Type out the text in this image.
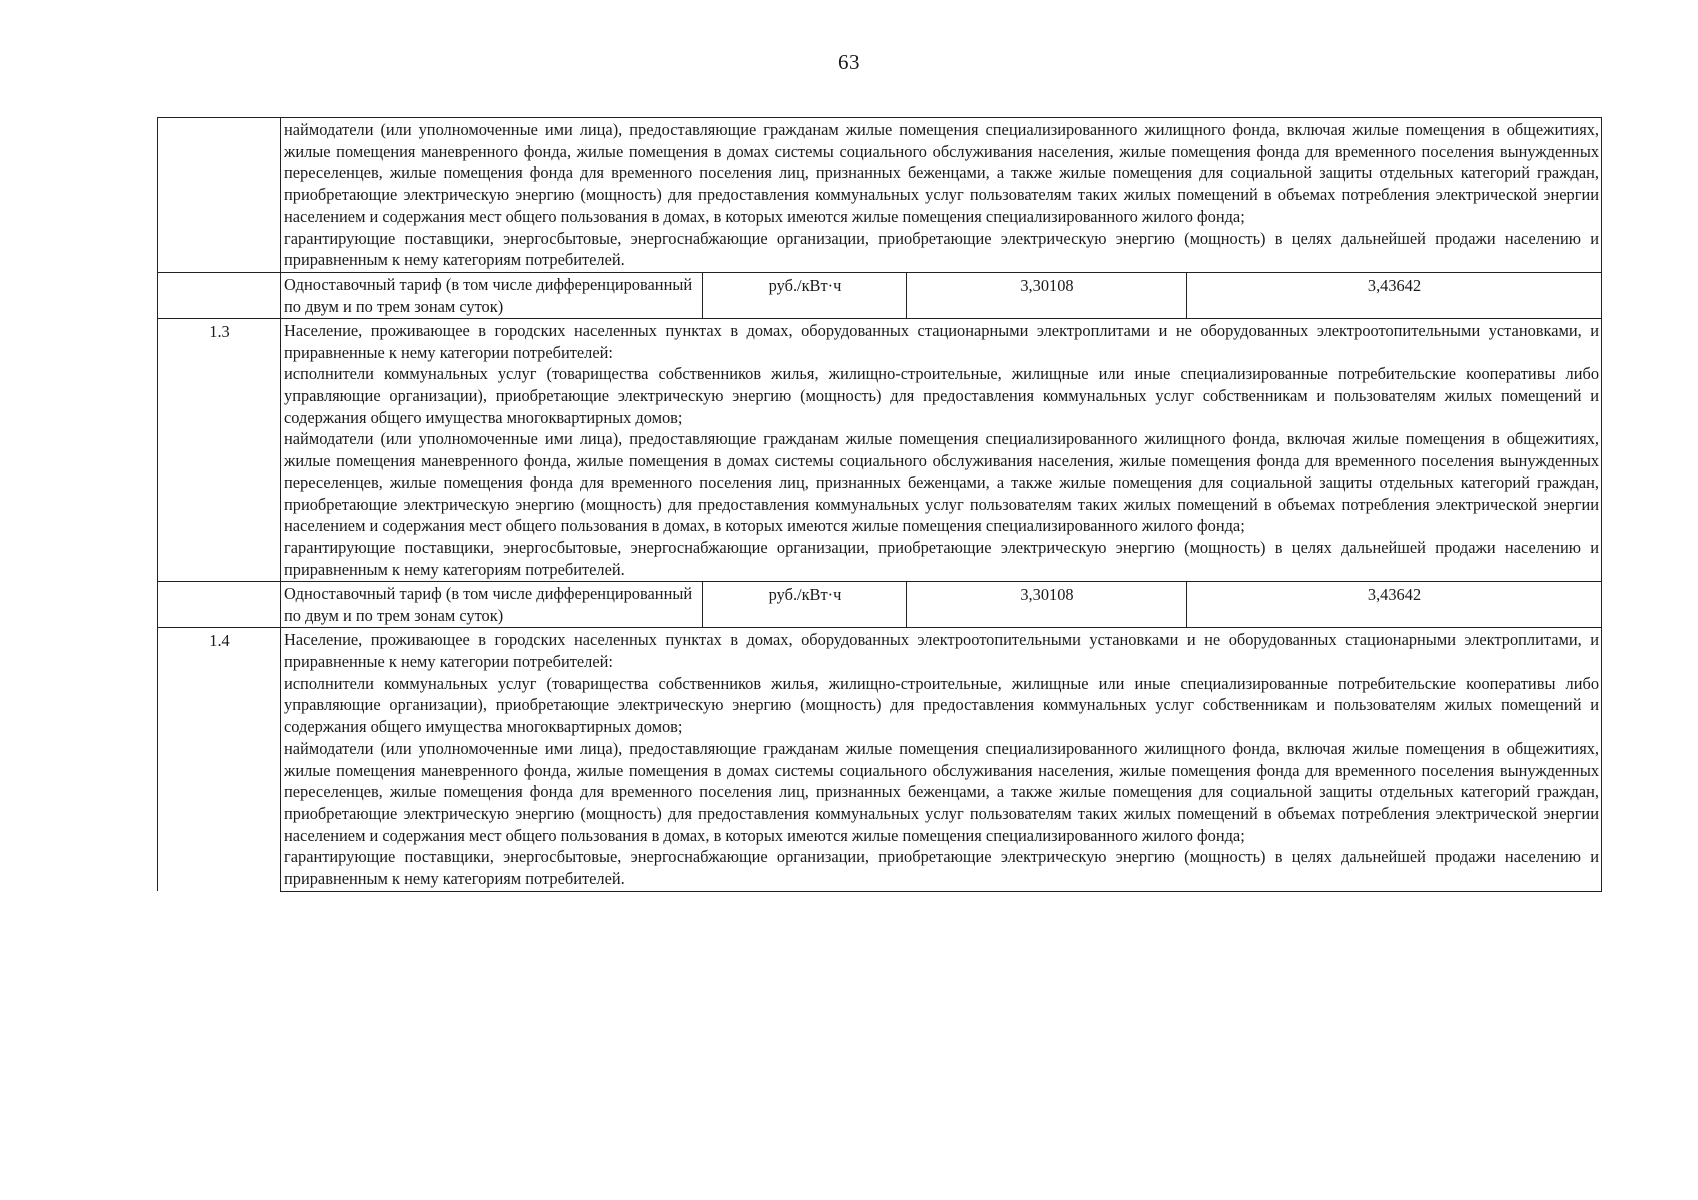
63

	наймодатели (или уполномоченные ими лица), предоставляющие гражданам жилые помещения специализированного жилищного фонда, включая жилые помещения в общежитиях, жилые помещения маневренного фонда, жилые помещения в домах системы социального обслуживания населения, жилые помещения фонда для временного поселения вынужденных переселенцев, жилые помещения фонда для временного поселения лиц, признанных беженцами, а также жилые помещения для социальной защиты отдельных категорий граждан, приобретающие электрическую энергию (мощность) для предоставления коммунальных услуг пользователям таких жилых помещений в объемах потребления электрической энергии населением и содержания мест общего пользования в домах, в которых имеются жилые помещения специализированного жилого фонда;

гарантирующие поставщики, энергосбытовые, энергоснабжающие организации, приобретающие электрическую энергию (мощность) в целях дальнейшей продажи населению и приравненным к нему категориям потребителей.			

	Одноставочный тариф (в том числе дифференцированный по двум и по трем зонам суток)	руб./кВт·ч	3,30108	3,43642
1.3	Население, проживающее в городских населенных пунктах в домах, оборудованных стационарными электроплитами и не оборудованных электроотопительными установками, и приравненные к нему категории потребителей:

исполнители коммунальных услуг (товарищества собственников жилья, жилищно-строительные, жилищные или иные специализированные потребительские кооперативы либо управляющие организации), приобретающие электрическую энергию (мощность) для предоставления коммунальных услуг собственникам и пользователям жилых помещений и содержания общего имущества многоквартирных домов;

наймодатели (или уполномоченные ими лица), предоставляющие гражданам жилые помещения специализированного жилищного фонда, включая жилые помещения в общежитиях, жилые помещения маневренного фонда, жилые помещения в домах системы социального обслуживания населения, жилые помещения фонда для временного поселения вынужденных переселенцев, жилые помещения фонда для временного поселения лиц, признанных беженцами, а также жилые помещения для социальной защиты отдельных категорий граждан, приобретающие электрическую энергию (мощность) для предоставления коммунальных услуг пользователям таких жилых помещений в объемах потребления электрической энергии населением и содержания мест общего пользования в домах, в которых имеются жилые помещения специализированного жилого фонда;

гарантирующие поставщики, энергосбытовые, энергоснабжающие организации, приобретающие электрическую энергию (мощность) в целях дальнейшей продажи населению и приравненным к нему категориям потребителей.			

	Одноставочный тариф (в том числе дифференцированный по двум и по трем зонам суток)	руб./кВт·ч	3,30108	3,43642
1.4	Население, проживающее в городских населенных пунктах в домах, оборудованных электроотопительными установками и не оборудованных стационарными электроплитами, и приравненные к нему категории потребителей:

исполнители коммунальных услуг (товарищества собственников жилья, жилищно-строительные, жилищные или иные специализированные потребительские кооперативы либо управляющие организации), приобретающие электрическую энергию (мощность) для предоставления коммунальных услуг собственникам и пользователям жилых помещений и содержания общего имущества многоквартирных домов;

наймодатели (или уполномоченные ими лица), предоставляющие гражданам жилые помещения специализированного жилищного фонда, включая жилые помещения в общежитиях, жилые помещения маневренного фонда, жилые помещения в домах системы социального обслуживания населения, жилые помещения фонда для временного поселения вынужденных переселенцев, жилые помещения фонда для временного поселения лиц, признанных беженцами, а также жилые помещения для социальной защиты отдельных категорий граждан, приобретающие электрическую энергию (мощность) для предоставления коммунальных услуг пользователям таких жилых помещений в объемах потребления электрической энергии населением и содержания мест общего пользования в домах, в которых имеются жилые помещения специализированного жилого фонда;

гарантирующие поставщики, энергосбытовые, энергоснабжающие организации, приобретающие электрическую энергию (мощность) в целях дальнейшей продажи населению и приравненным к нему категориям потребителей.			
